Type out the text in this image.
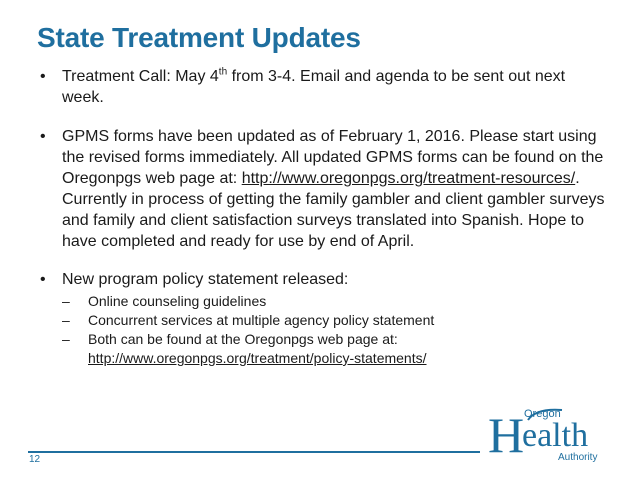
State Treatment Updates
• Treatment Call: May 4th from 3-4. Email and agenda to be sent out next week.
• GPMS forms have been updated as of February 1, 2016. Please start using the revised forms immediately. All updated GPMS forms can be found on the Oregonpgs web page at: http://www.oregonpgs.org/treatment-resources/. Currently in process of getting the family gambler and client gambler surveys and family and client satisfaction surveys translated into Spanish. Hope to have completed and ready for use by end of April.
• New program policy statement released:
– Online counseling guidelines
– Concurrent services at multiple agency policy statement
– Both can be found at the Oregonpgs web page at:
http://www.oregonpgs.org/treatment/policy-statements/
12
Oregon
H
ealth
Authority
